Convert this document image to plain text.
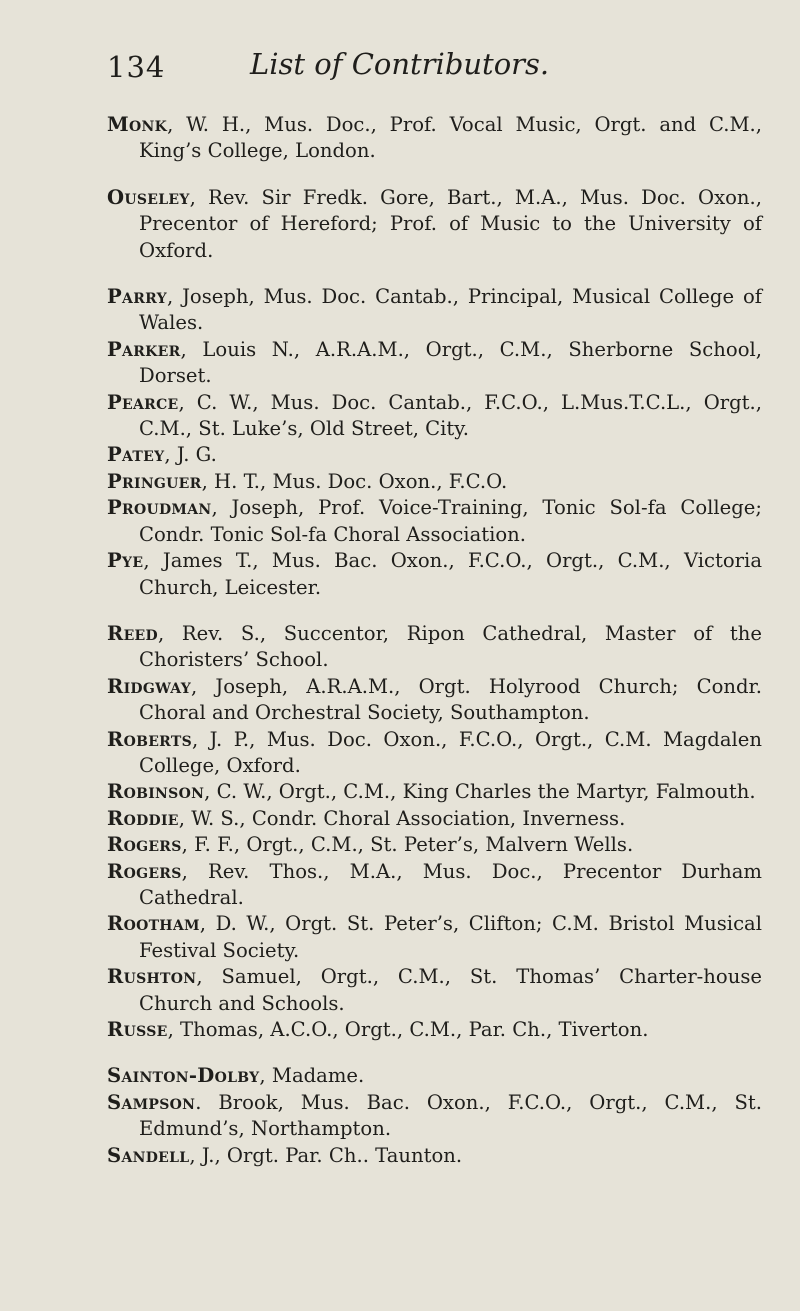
134	List of Contributors.
Monk, W. H., Mus. Doc., Prof. Vocal Music, Orgt. and C.M., King’s College, London.
Ouseley, Rev. Sir Fredk. Gore, Bart., M.A., Mus. Doc. Oxon., Precentor of Hereford; Prof. of Music to the University of Oxford.
Parry, Joseph, Mus. Doc. Cantab., Principal, Musical College of Wales.
Parker, Louis N., A.R.A.M., Orgt., C.M., Sherborne School, Dorset.
Pearce, C. W., Mus. Doc. Cantab., F.C.O., L.Mus.T.C.L., Orgt., C.M., St. Luke’s, Old Street, City.
Patey, J. G.
Pringuer, H. T., Mus. Doc. Oxon., F.C.O.
Proudman, Joseph, Prof. Voice-Training, Tonic Sol-fa College; Condr. Tonic Sol-fa Choral Association.
Pye, James T., Mus. Bac. Oxon., F.C.O., Orgt., C.M., Victoria Church, Leicester.
Reed, Rev. S., Succentor, Ripon Cathedral, Master of the Choristers’ School.
Ridgway, Joseph, A.R.A.M., Orgt. Holyrood Church; Condr. Choral and Orchestral Society, Southampton.
Roberts, J. P., Mus. Doc. Oxon., F.C.O., Orgt., C.M. Magdalen College, Oxford.
Robinson, C. W., Orgt., C.M., King Charles the Martyr, Falmouth.
Roddie, W. S., Condr. Choral Association, Inverness.
Rogers, F. F., Orgt., C.M., St. Peter’s, Malvern Wells.
Rogers, Rev. Thos., M.A., Mus. Doc., Precentor Durham Cathedral.
Rootham, D. W., Orgt. St. Peter’s, Clifton; C.M. Bristol Musical Festival Society.
Rushton, Samuel, Orgt., C.M., St. Thomas’ Charter-house Church and Schools.
Russe, Thomas, A.C.O., Orgt., C.M., Par. Ch., Tiverton.
Sainton-Dolby, Madame.
Sampson. Brook, Mus. Bac. Oxon., F.C.O., Orgt., C.M., St. Edmund’s, Northampton.
Sandell, J., Orgt. Par. Ch.. Taunton.
